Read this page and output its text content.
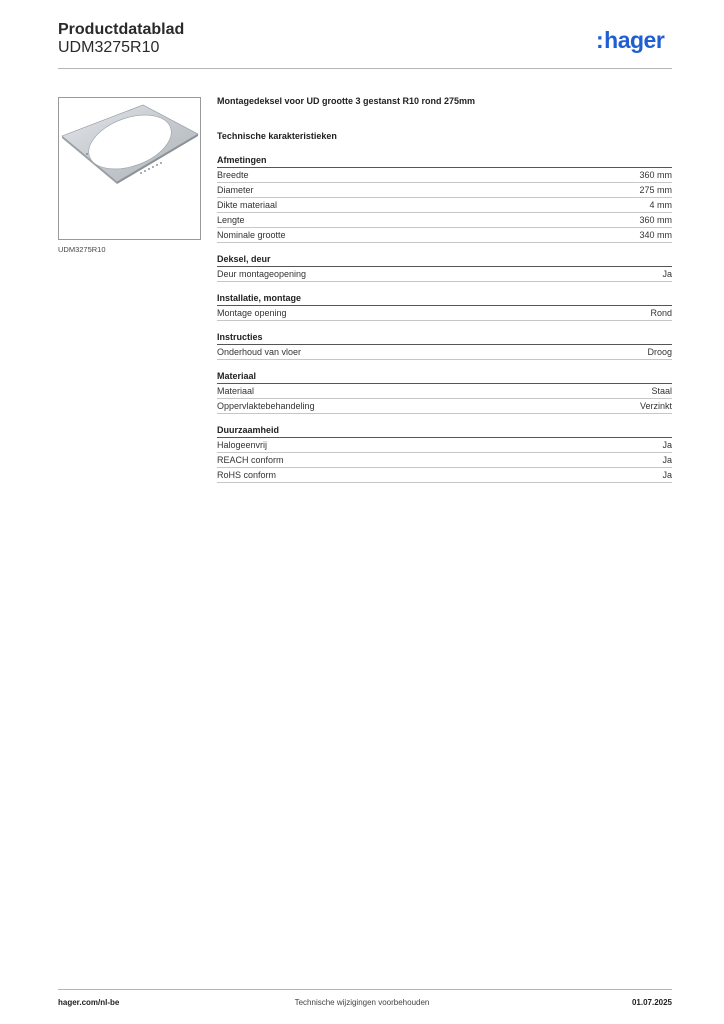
Productdatablad
UDM3275R10	:hager
UDM3275R10
Montagedeksel voor UD grootte 3 gestanst R10 rond 275mm
Technische karakteristieken
Afmetingen
Breedte	360 mm
Diameter	275 mm
Dikte materiaal	4 mm
Lengte	360 mm
Nominale grootte	340 mm
Deksel, deur
Deur montageopening	Ja
Installatie, montage
Montage opening	Rond
Instructies
Onderhoud van vloer	Droog
Materiaal
Materiaal	Staal
Oppervlaktebehandeling	Verzinkt
Duurzaamheid
Halogeenvrij	Ja
REACH conform	Ja
RoHS conform	Ja
hager.com/nl-be	Technische wijzigingen voorbehouden	01.07.2025
